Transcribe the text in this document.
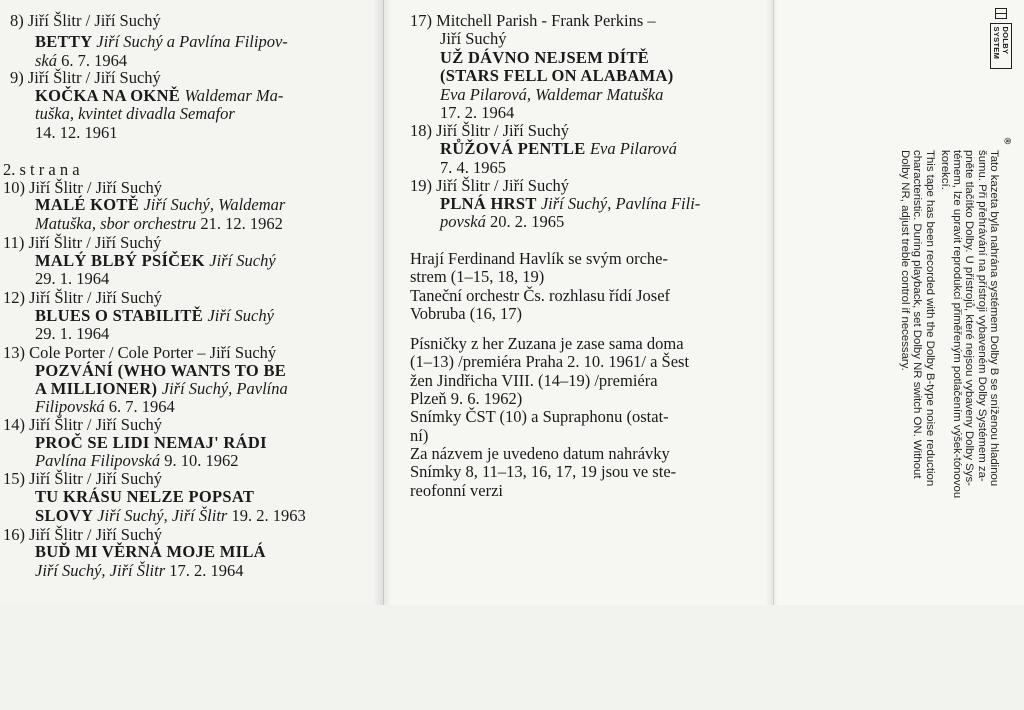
8) Jiří Šlitr / Jiří Suchý
BETTY Jiří Suchý a Pavlína Filipov-
ská 6. 7. 1964
9) Jiří Šlitr / Jiří Suchý
KOČKA NA OKNĚ Waldemar Ma-
tuška, kvintet divadla Semafor
14. 12. 1961
2. s t r a n a
10) Jiří Šlitr / Jiří Suchý
MALÉ KOTĚ Jiří Suchý, Waldemar
Matuška, sbor orchestru 21. 12. 1962
11) Jiří Šlitr / Jiří Suchý
MALÝ BLBÝ PSÍČEK Jiří Suchý
29. 1. 1964
12) Jiří Šlitr / Jiří Suchý
BLUES O STABILITĚ Jiří Suchý
29. 1. 1964
13) Cole Porter / Cole Porter – Jiří Suchý
POZVÁNÍ (WHO WANTS TO BE
A MILLIONER) Jiří Suchý, Pavlína
Filipovská 6. 7. 1964
14) Jiří Šlitr / Jiří Suchý
PROČ SE LIDI NEMAJ' RÁDI
Pavlína Filipovská 9. 10. 1962
15) Jiří Šlitr / Jiří Suchý
TU KRÁSU NELZE POPSAT
SLOVY Jiří Suchý, Jiří Šlitr 19. 2. 1963
16) Jiří Šlitr / Jiří Suchý
BUĎ MI VĚRNÁ MOJE MILÁ
Jiří Suchý, Jiří Šlitr 17. 2. 1964
17) Mitchell Parish - Frank Perkins –
Jiří Suchý
UŽ DÁVNO NEJSEM DÍTĚ
(STARS FELL ON ALABAMA)
Eva Pilarová, Waldemar Matuška
17. 2. 1964
18) Jiří Šlitr / Jiří Suchý
RŮŽOVÁ PENTLE Eva Pilarová
7. 4. 1965
19) Jiří Šlitr / Jiří Suchý
PLNÁ HRST Jiří Suchý, Pavlína Fili-
povská 20. 2. 1965
Hrají Ferdinand Havlík se svým orche-
strem (1–15, 18, 19)
Taneční orchestr Čs. rozhlasu řídí Josef
Vobruba (16, 17)
Písničky z her Zuzana je zase sama doma
(1–13) /premiéra Praha 2. 10. 1961/ a Šest
žen Jindřicha VIII. (14–19) /premiéra
Plzeň 9. 6. 1962)
Snímky ČST (10) a Supraphonu (ostat-
ní)
Za názvem je uvedeno datum nahrávky
Snímky 8, 11–13, 16, 17, 19 jsou ve ste-
reofonní verzi
DOLBY SYSTEM
®
Tato kazeta byla nahrána systémem Dolby B se sníženou hladinou
šumu. Při přehrávání na přístroji vybaveném Dolby Systémem za-
pněte tlačítko Dolby. U přístrojů, které nejsou vybaveny Dolby Sys-
témem, lze upravit reprodukci přiměřeným potlačením výšek-tónovou
korekcí.
This tape has been recorded with the Dolby B-type noise reduction
characteristic. During playback, set Dolby NR switch ON. Without
Dolby NR, adjust treble control if necessary.
